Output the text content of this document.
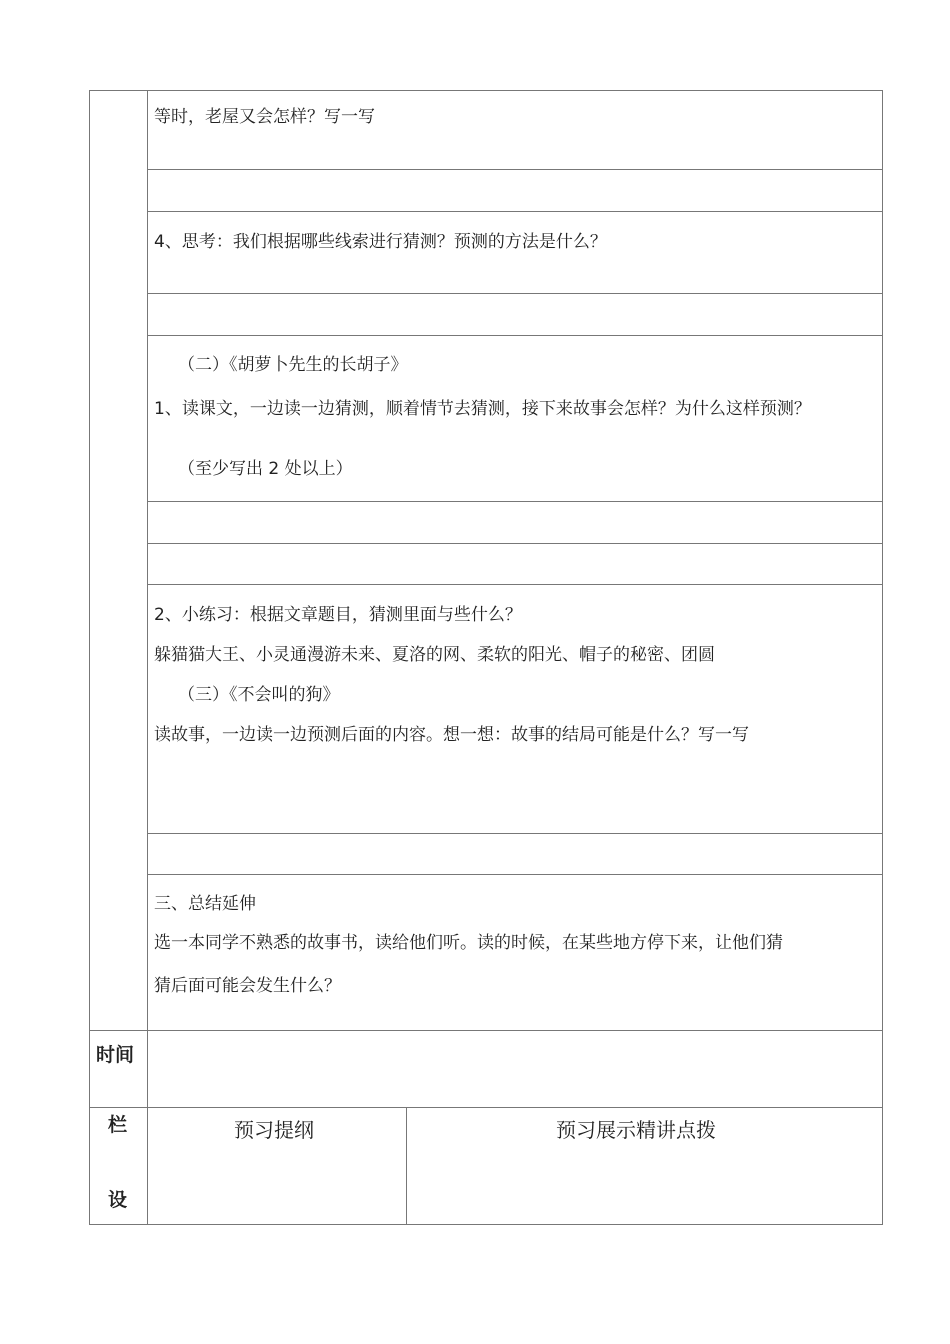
等时，老屋又会怎样？写一写
4、思考：我们根据哪些线索进行猜测？预测的方法是什么？
（二）《胡萝卜先生的长胡子》
1、读课文，一边读一边猜测，顺着情节去猜测，接下来故事会怎样？为什么这样预测？
（至少写出 2 处以上）
2、小练习：根据文章题目，猜测里面与些什么？
躲猫猫大王、小灵通漫游未来、夏洛的网、柔软的阳光、帽子的秘密、团圆
（三）《不会叫的狗》
读故事，一边读一边预测后面的内容。想一想：故事的结局可能是什么？写一写
三、总结延伸
选一本同学不熟悉的故事书，读给他们听。读的时候，在某些地方停下来，让他们猜
猜后面可能会发生什么？
时间
栏
设
预习提纲	预习展示精讲点拨
